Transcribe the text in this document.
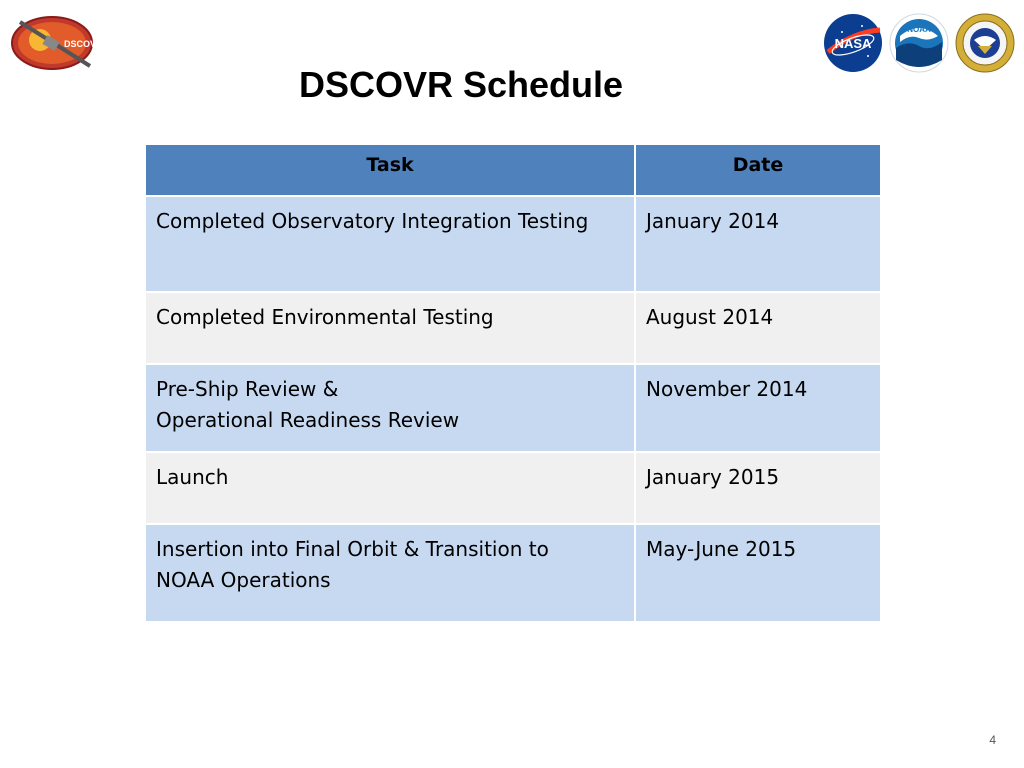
DSCOVR	NASA
NOAA
DSCOVR Schedule
Task	Date
Completed Observatory Integration Testing	January 2014
Completed Environmental Testing	August 2014
Pre-Ship Review &
Operational Readiness Review	November 2014
Launch	January 2015
Insertion into Final Orbit & Transition to
NOAA Operations	May-June 2015
4
